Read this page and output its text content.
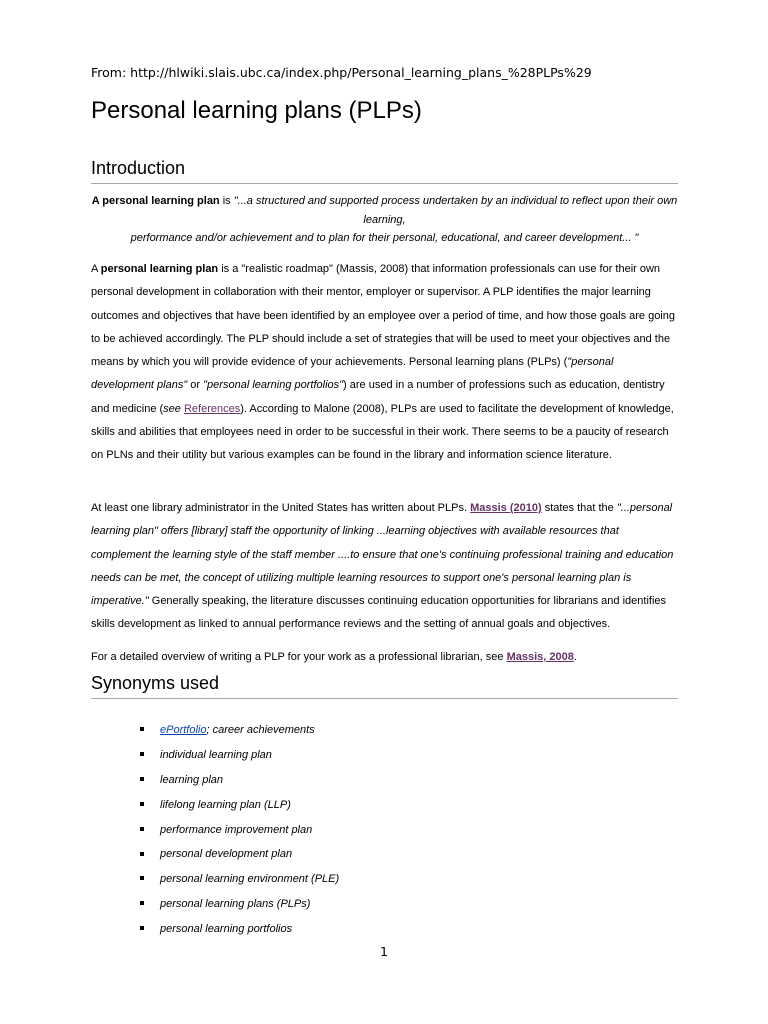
From: http://hlwiki.slais.ubc.ca/index.php/Personal_learning_plans_%28PLPs%29
Personal learning plans (PLPs)
Introduction

A personal learning plan is "...a structured and supported process undertaken by an individual to reflect upon their own learning,
performance and/or achievement and to plan for their personal, educational, and career development... "

A personal learning plan is a "realistic roadmap" (Massis, 2008) that information professionals can use for their own personal development in collaboration with their mentor, employer or supervisor. A PLP identifies the major learning outcomes and objectives that have been identified by an employee over a period of time, and how those goals are going to be achieved accordingly. The PLP should include a set of strategies that will be used to meet your objectives and the means by which you will provide evidence of your achievements. Personal learning plans (PLPs) ("personal development plans" or "personal learning portfolios") are used in a number of professions such as education, dentistry and medicine (see References). According to Malone (2008), PLPs are used to facilitate the development of knowledge, skills and abilities that employees need in order to be successful in their work. There seems to be a paucity of research on PLNs and their utility but various examples can be found in the library and information science literature.

At least one library administrator in the United States has written about PLPs. Massis (2010) states that the "...personal learning plan" offers [library] staff the opportunity of linking ...learning objectives with available resources that complement the learning style of the staff member ....to ensure that one's continuing professional training and education needs can be met, the concept of utilizing multiple learning resources to support one's personal learning plan is imperative." Generally speaking, the literature discusses continuing education opportunities for librarians and identifies skills development as linked to annual performance reviews and the setting of annual goals and objectives.

For a detailed overview of writing a PLP for your work as a professional librarian, see Massis, 2008.

Synonyms used
ePortfolio; career achievements
individual learning plan
learning plan
lifelong learning plan (LLP)
performance improvement plan
personal development plan
personal learning environment (PLE)
personal learning plans (PLPs)
personal learning portfolios
1
